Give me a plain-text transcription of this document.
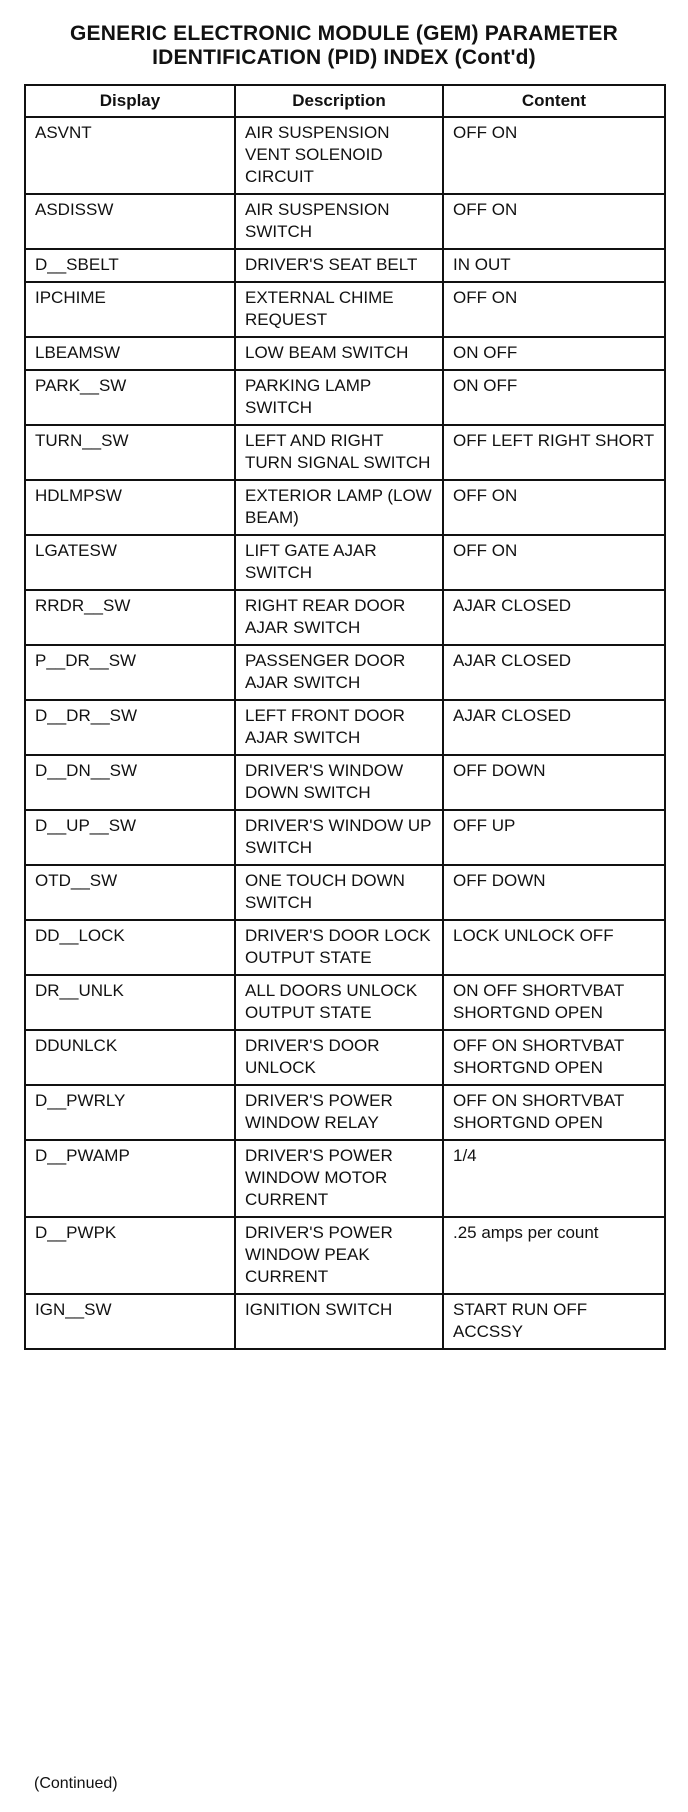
GENERIC ELECTRONIC MODULE (GEM) PARAMETER
IDENTIFICATION (PID) INDEX (Cont'd)
Display	Description	Content
ASVNT	AIR SUSPENSION VENT SOLENOID CIRCUIT	OFF ON
ASDISSW	AIR SUSPENSION SWITCH	OFF ON
D__SBELT	DRIVER'S SEAT BELT	IN OUT
IPCHIME	EXTERNAL CHIME REQUEST	OFF ON
LBEAMSW	LOW BEAM SWITCH	ON OFF
PARK__SW	PARKING LAMP SWITCH	ON OFF
TURN__SW	LEFT AND RIGHT TURN SIGNAL SWITCH	OFF LEFT RIGHT SHORT
HDLMPSW	EXTERIOR LAMP (LOW BEAM)	OFF ON
LGATESW	LIFT GATE AJAR SWITCH	OFF ON
RRDR__SW	RIGHT REAR DOOR AJAR SWITCH	AJAR CLOSED
P__DR__SW	PASSENGER DOOR AJAR SWITCH	AJAR CLOSED
D__DR__SW	LEFT FRONT DOOR AJAR SWITCH	AJAR CLOSED
D__DN__SW	DRIVER'S WINDOW DOWN SWITCH	OFF DOWN
D__UP__SW	DRIVER'S WINDOW UP SWITCH	OFF UP
OTD__SW	ONE TOUCH DOWN SWITCH	OFF DOWN
DD__LOCK	DRIVER'S DOOR LOCK OUTPUT STATE	LOCK UNLOCK OFF
DR__UNLK	ALL DOORS UNLOCK OUTPUT STATE	ON OFF SHORTVBAT SHORTGND OPEN
DDUNLCK	DRIVER'S DOOR UNLOCK	OFF ON SHORTVBAT SHORTGND OPEN
D__PWRLY	DRIVER'S POWER WINDOW RELAY	OFF ON SHORTVBAT SHORTGND OPEN
D__PWAMP	DRIVER'S POWER WINDOW MOTOR CURRENT	1/4
D__PWPK	DRIVER'S POWER WINDOW PEAK CURRENT	.25 amps per count
IGN__SW	IGNITION SWITCH	START RUN OFF ACCSSY
(Continued)
